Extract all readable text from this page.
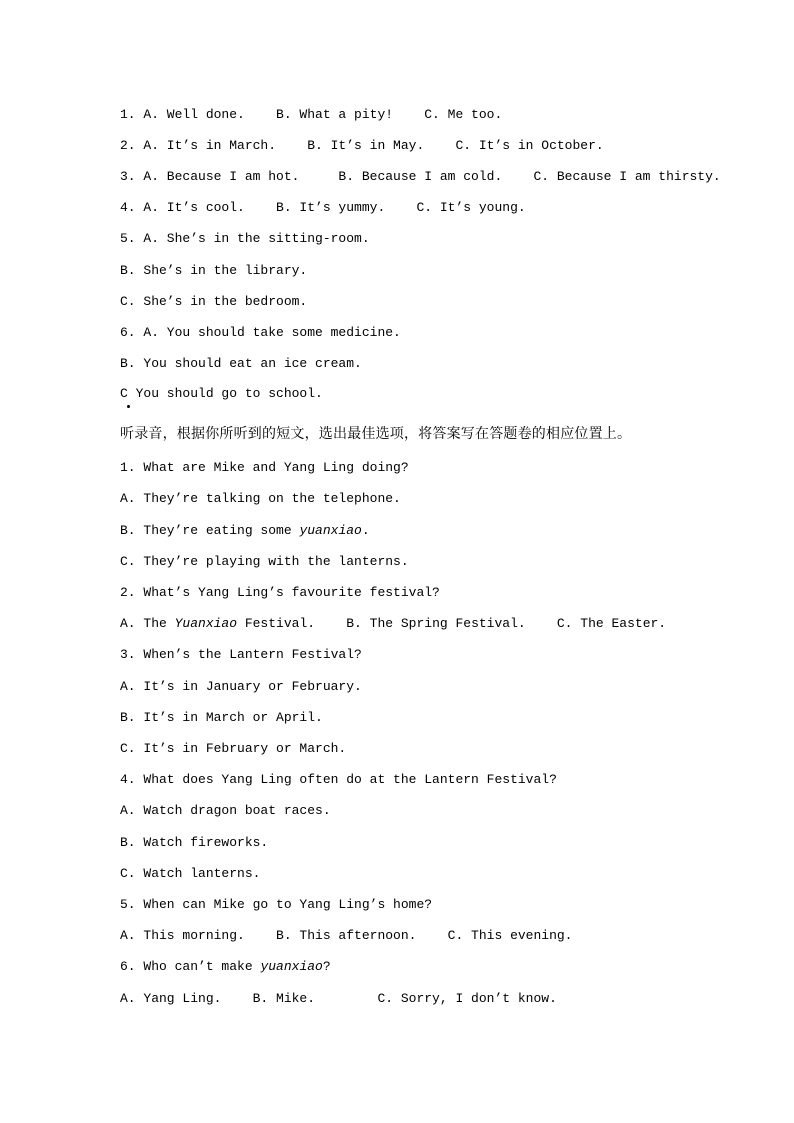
1. A. Well done.    B. What a pity!    C. Me too.
2. A. It’s in March.    B. It’s in May.    C. It’s in October.
3. A. Because I am hot.     B. Because I am cold.    C. Because I am thirsty.
4. A. It’s cool.    B. It’s yummy.    C. It’s young.
5. A. She’s in the sitting-room.
B. She’s in the library.
C. She’s in the bedroom.
6. A. You should take some medicine.
B. You should eat an ice cream.
C You should go to school.
听录音，根据你所听到的短文，选出最佳选项，将答案写在答题卷的相应位置上。
1. What are Mike and Yang Ling doing?
A. They’re talking on the telephone.
B. They’re eating some yuanxiao.
C. They’re playing with the lanterns.
2. What’s Yang Ling’s favourite festival?
A. The Yuanxiao Festival.    B. The Spring Festival.    C. The Easter.
3. When’s the Lantern Festival?
A. It’s in January or February.
B. It’s in March or April.
C. It’s in February or March.
4. What does Yang Ling often do at the Lantern Festival?
A. Watch dragon boat races.
B. Watch fireworks.
C. Watch lanterns.
5. When can Mike go to Yang Ling’s home?
A. This morning.    B. This afternoon.    C. This evening.
6. Who can’t make yuanxiao?
A. Yang Ling.    B. Mike.        C. Sorry, I don’t know.
